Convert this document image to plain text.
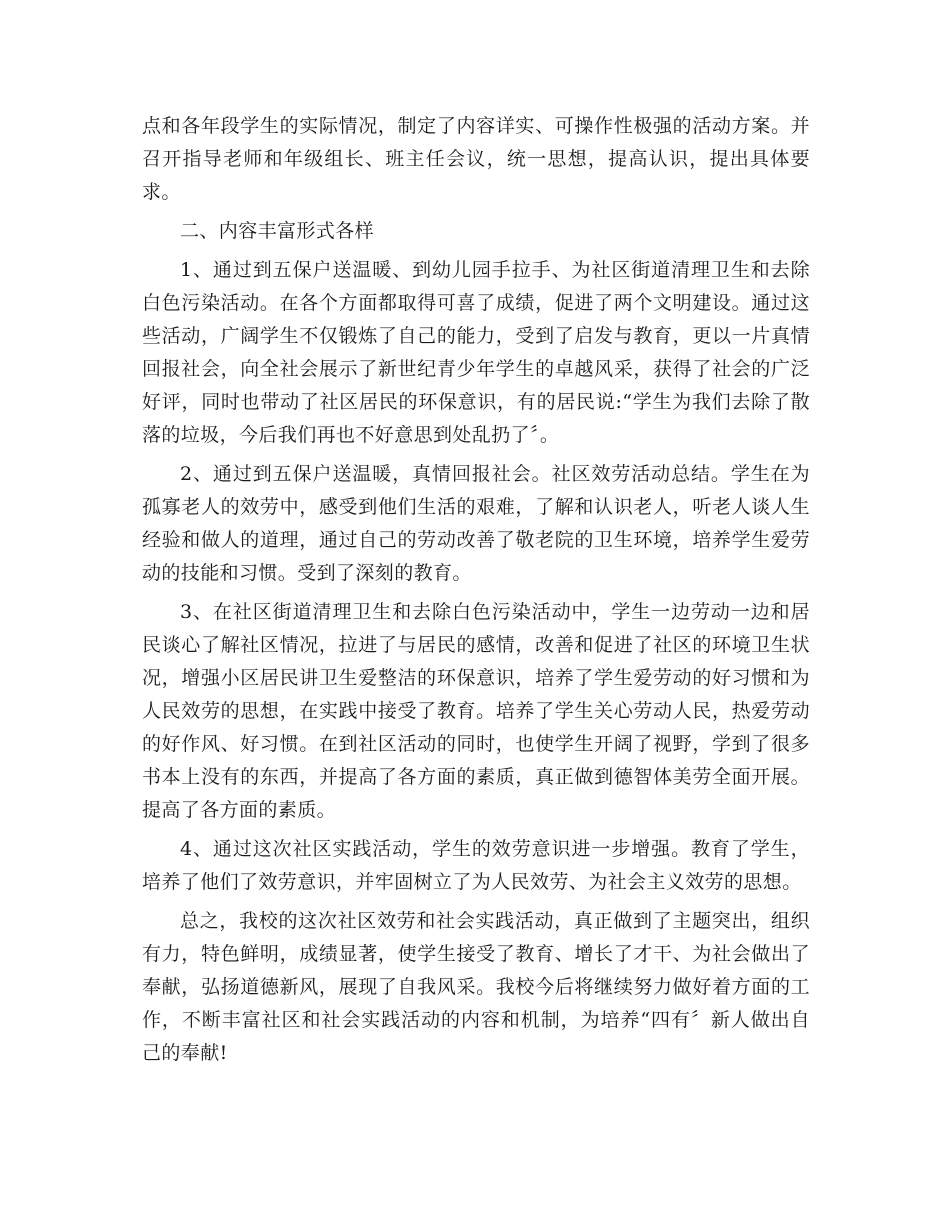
点和各年段学生的实际情况，制定了内容详实、可操作性极强的活动方案。并召开指导老师和年级组长、班主任会议，统一思想，提高认识，提出具体要求。

二、内容丰富形式各样

1、通过到五保户送温暖、到幼儿园手拉手、为社区街道清理卫生和去除白色污染活动。在各个方面都取得可喜了成绩，促进了两个文明建设。通过这些活动，广阔学生不仅锻炼了自己的能力，受到了启发与教育，更以一片真情回报社会，向全社会展示了新世纪青少年学生的卓越风采，获得了社会的广泛好评，同时也带动了社区居民的环保意识，有的居民说:“学生为我们去除了散落的垃圾，今后我们再也不好意思到处乱扔了〞。

2、通过到五保户送温暖，真情回报社会。社区效劳活动总结。学生在为孤寡老人的效劳中，感受到他们生活的艰难，了解和认识老人，听老人谈人生经验和做人的道理，通过自己的劳动改善了敬老院的卫生环境，培养学生爱劳动的技能和习惯。受到了深刻的教育。

3、在社区街道清理卫生和去除白色污染活动中，学生一边劳动一边和居民谈心了解社区情况，拉进了与居民的感情，改善和促进了社区的环境卫生状况，增强小区居民讲卫生爱整洁的环保意识，培养了学生爱劳动的好习惯和为人民效劳的思想，在实践中接受了教育。培养了学生关心劳动人民，热爱劳动的好作风、好习惯。在到社区活动的同时，也使学生开阔了视野，学到了很多书本上没有的东西，并提高了各方面的素质，真正做到德智体美劳全面开展。提高了各方面的素质。

4、通过这次社区实践活动，学生的效劳意识进一步增强。教育了学生，培养了他们了效劳意识，并牢固树立了为人民效劳、为社会主义效劳的思想。

总之，我校的这次社区效劳和社会实践活动，真正做到了主题突出，组织有力，特色鲜明，成绩显著，使学生接受了教育、增长了才干、为社会做出了奉献，弘扬道德新风，展现了自我风采。我校今后将继续努力做好着方面的工作，不断丰富社区和社会实践活动的内容和机制，为培养“四有〞新人做出自己的奉献!
